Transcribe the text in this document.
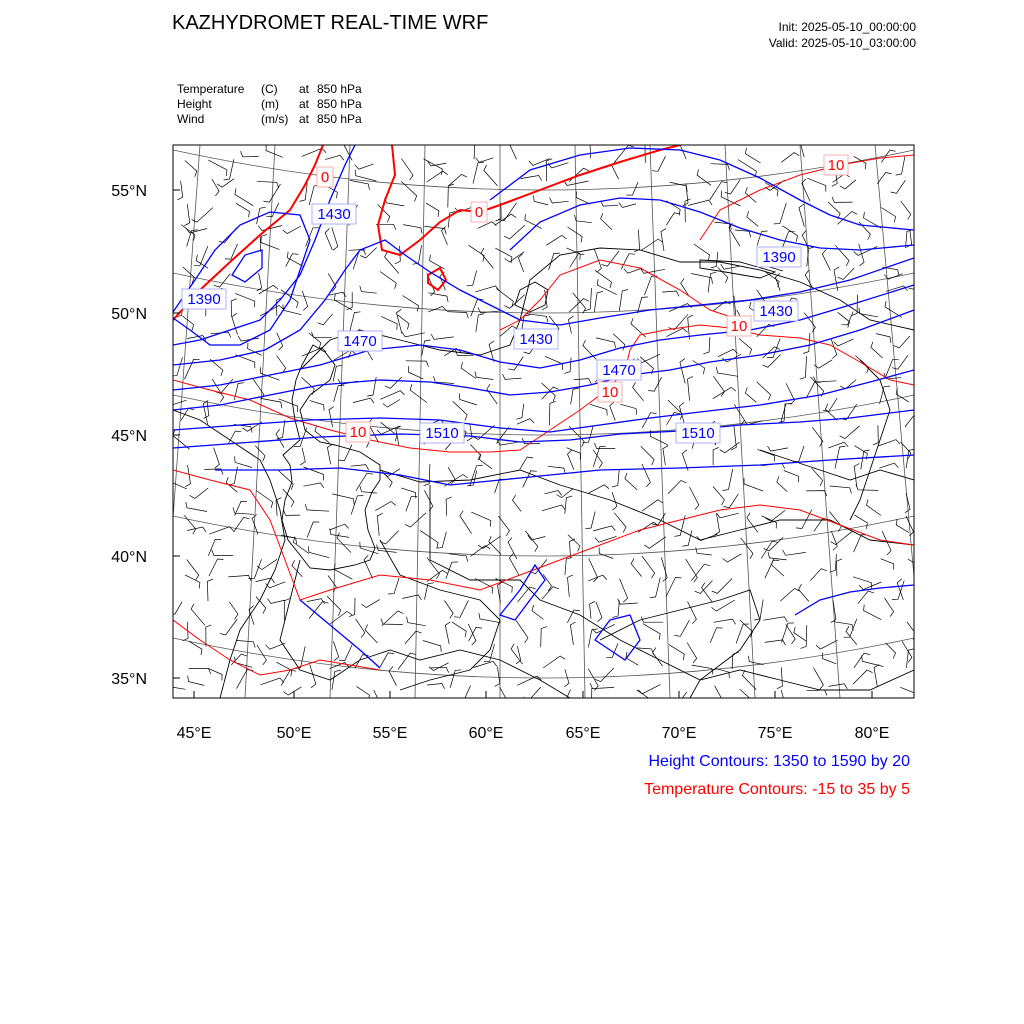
KAZHYDROMET REAL-TIME WRF	Init: 2025-05-10_00:00:00
Valid: 2025-05-10_03:00:00
Temperature (C) at 850 hPa
Height	(m) at 850 hPa
Wind	(m/s) at 850 hPa
1430
1390
1470	1430
1470
1510	1510
1390
1430
0
0
10
10
10
10
55°N
50°N
45°N
40°N
35°N
45°E	50°E	55°E	60°E	65°E	70°E	75°E	80°E
Height Contours: 1350 to 1590 by 20
Temperature Contours: -15 to 35 by 5
